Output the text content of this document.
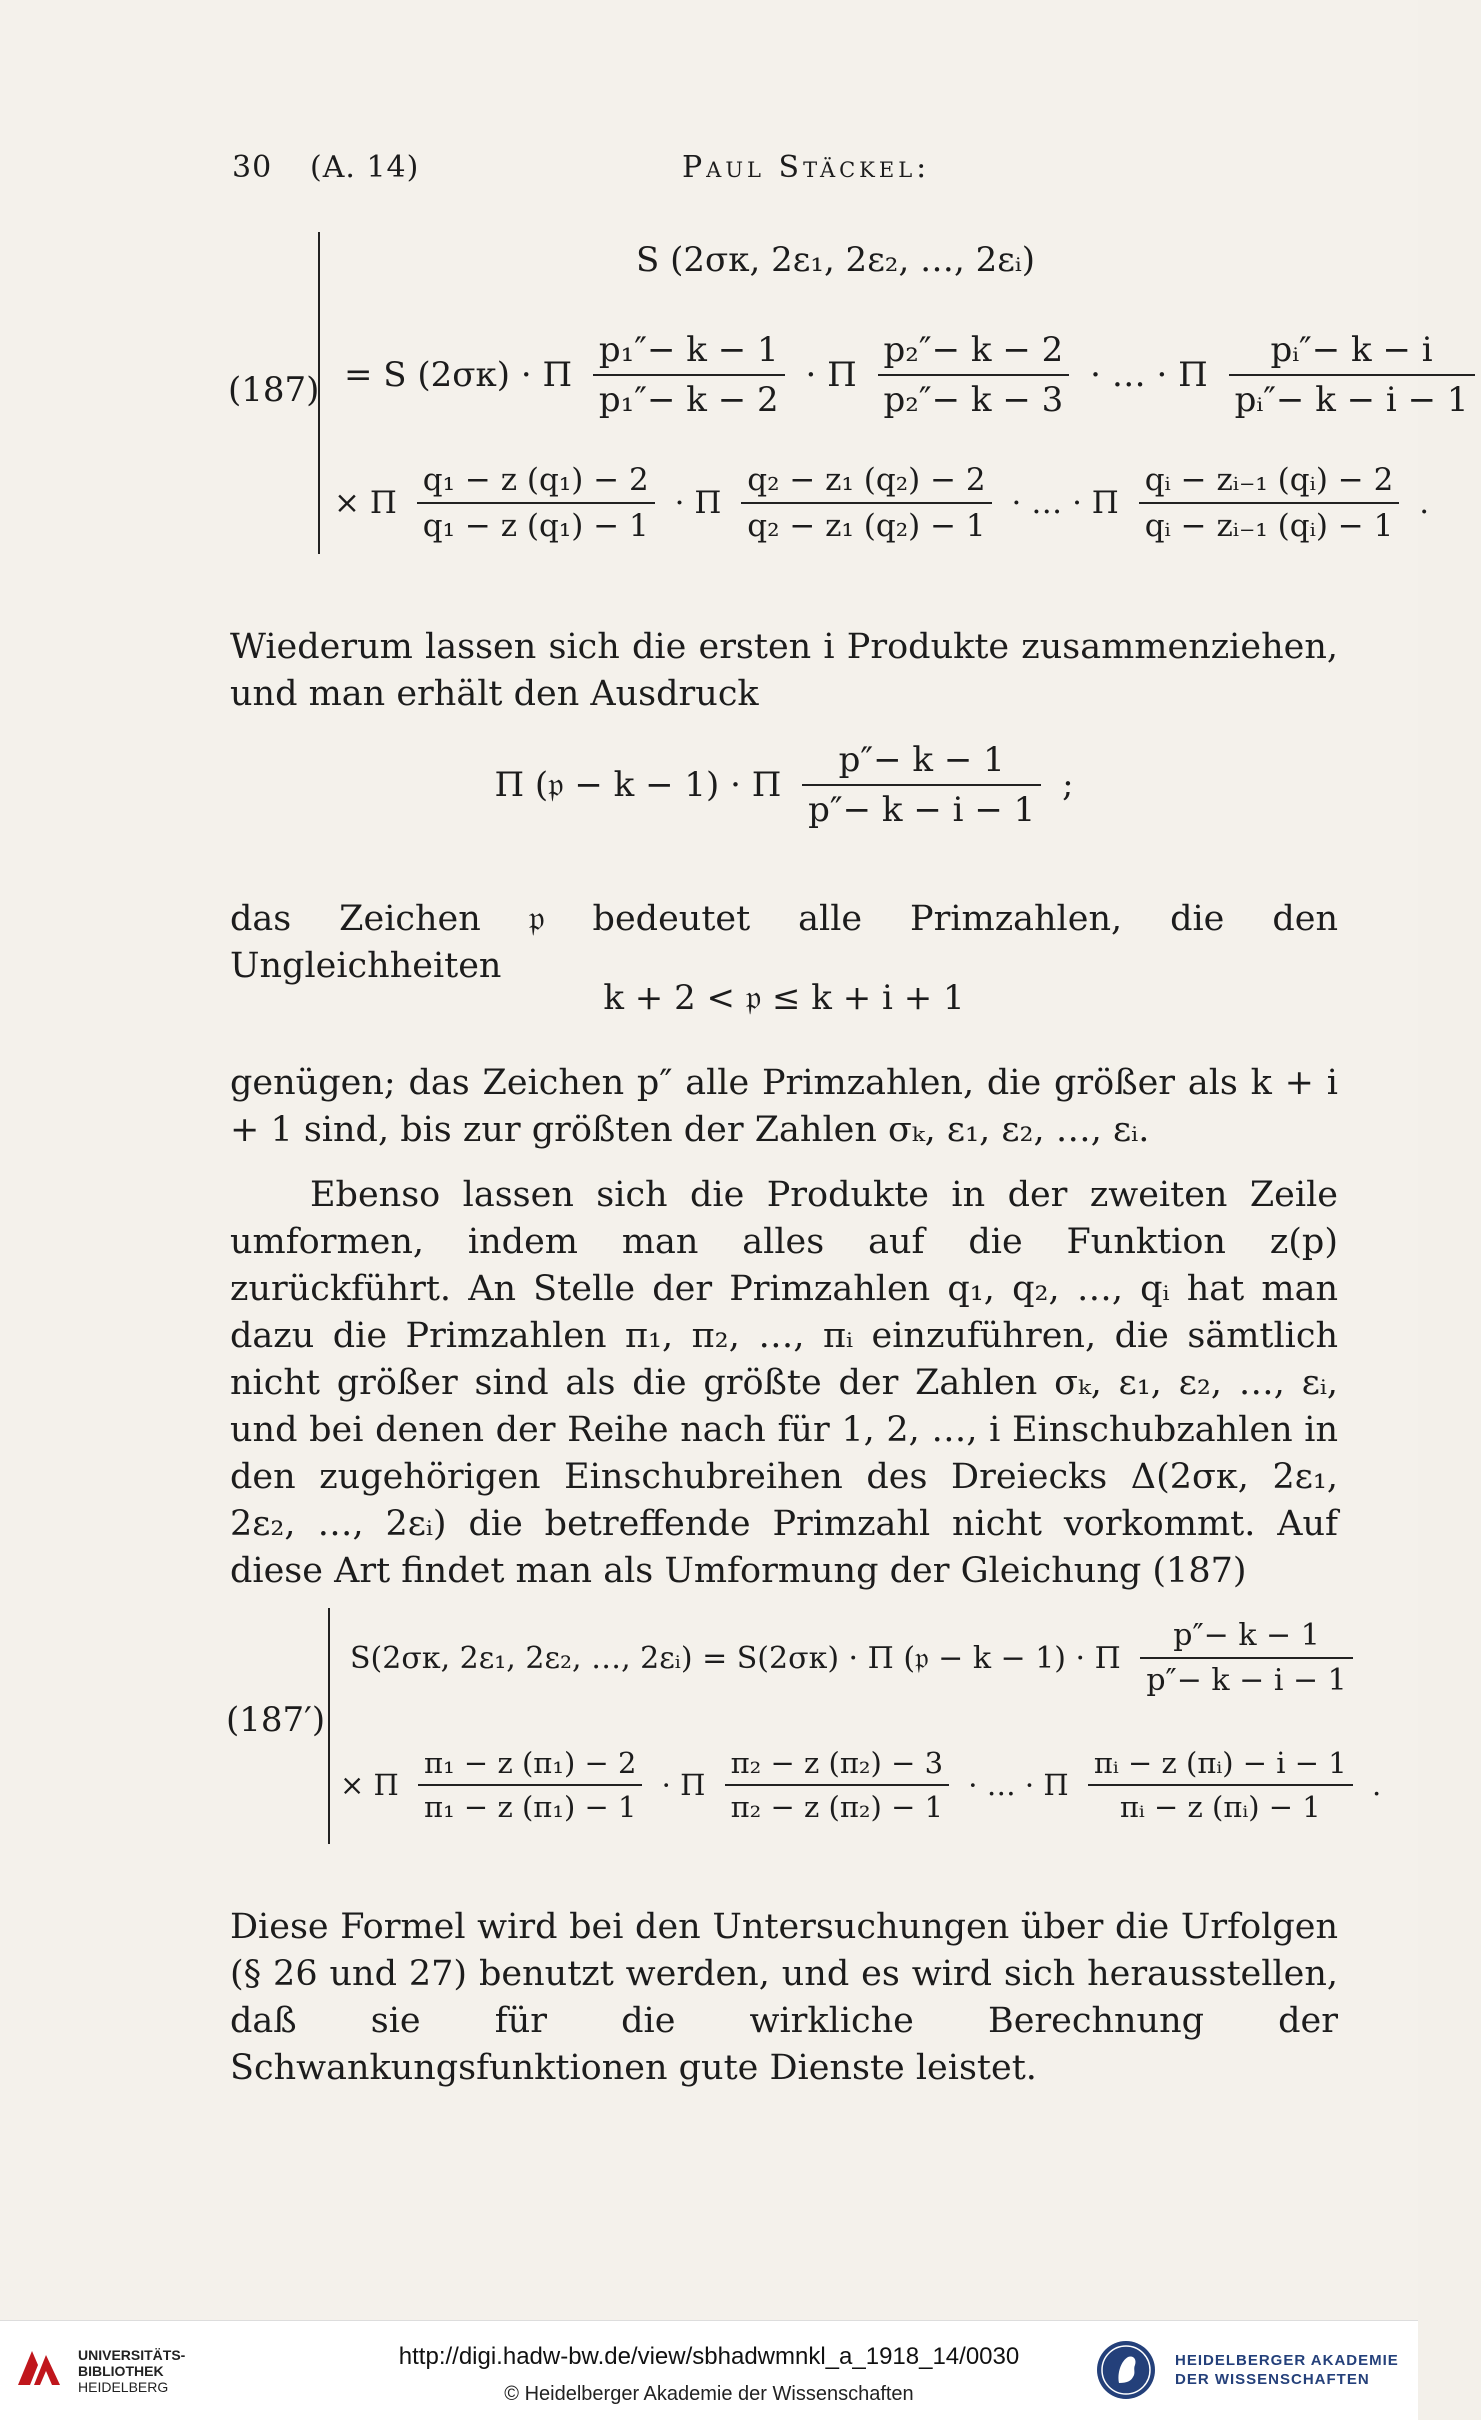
30 (A. 14)	Paul Stäckel:
(187)
S (2σκ, 2ε₁, 2ε₂, …, 2εᵢ)
= S (2σκ) · Π $\frac{\text{p₁″− k − 1}}{\text{p₁″− k − 2}} \cdot \Pi \frac{\text{p₂″− k − 2}}{\text{p₂″− k − 3}}$ · … · Π $\frac{\text{pᵢ″− k − i}}{\text{pᵢ″− k − i − 1}}$
× Π $\frac{\text{q₁ − z (q₁) − 2}}{\text{q₁ − z (q₁) − 1}} \cdot \Pi \frac{\text{q₂ − z₁ (q₂) − 2}}{\text{q₂ − z₁ (q₂) − 1}}$ · … · Π $\frac{\text{qᵢ − zᵢ₋₁ (qᵢ) − 2}}{\text{qᵢ − zᵢ₋₁ (qᵢ) − 1}}$ .
Wiederum lassen sich die ersten i Produkte zusammenziehen, und man erhält den Ausdruck
Π (𝔭 − k − 1) · Π $\frac{p''- k - 1}{p''- k - i - 1}$ ;
das Zeichen 𝔭 bedeutet alle Primzahlen, die den Ungleichheiten
k + 2 < 𝔭 ≤ k + i + 1
genügen; das Zeichen p″ alle Primzahlen, die größer als k + i + 1 sind, bis zur größten der Zahlen σₖ, ε₁, ε₂, …, εᵢ.
Ebenso lassen sich die Produkte in der zweiten Zeile umformen, indem man alles auf die Funktion z(p) zurückführt. An Stelle der Primzahlen q₁, q₂, …, qᵢ hat man dazu die Primzahlen π₁, π₂, …, πᵢ einzuführen, die sämtlich nicht größer sind als die größte der Zahlen σₖ, ε₁, ε₂, …, εᵢ, und bei denen der Reihe nach für 1, 2, …, i Einschubzahlen in den zugehörigen Einschubreihen des Dreiecks Δ(2σκ, 2ε₁, 2ε₂, …, 2εᵢ) die betreffende Primzahl nicht vorkommt. Auf diese Art findet man als Umformung der Gleichung (187)
(187′)
S(2σκ, 2ε₁, 2ε₂, …, 2εᵢ) = S(2σκ) · Π (𝔭 − k − 1) · Π $\frac{p''- k - 1}{p''- k - i - 1}$
× Π $\frac{\text{π₁ − z (π₁) − 2}}{\text{π₁ − z (π₁) − 1}} \cdot \Pi \frac{\text{π₂ − z (π₂) − 3}}{\text{π₂ − z (π₂) − 1}}$ · … · Π $\frac{\text{πᵢ − z (πᵢ) − i − 1}}{\text{πᵢ − z (πᵢ) − 1}}$ .
Diese Formel wird bei den Untersuchungen über die Urfolgen (§ 26 und 27) benutzt werden, und es wird sich herausstellen, daß sie für die wirkliche Berechnung der Schwankungsfunktionen gute Dienste leistet.
UNIVERSITÄTS-
BIBLIOTHEK
HEIDELBERG
http://digi.hadw-bw.de/view/sbhadwmnkl_a_1918_14/0030
© Heidelberger Akademie der Wissenschaften
HEIDELBERGER AKADEMIE
DER WISSENSCHAFTEN
